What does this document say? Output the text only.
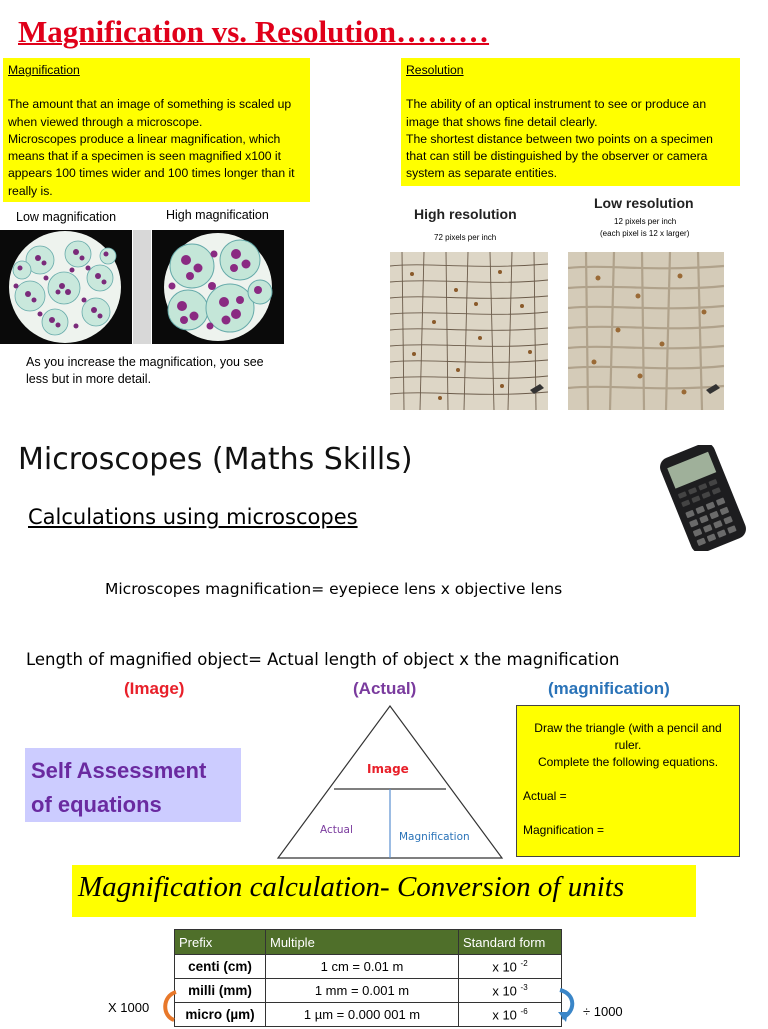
Magnification vs. Resolution………
Magnification
The amount that an image of something is scaled up when viewed through a microscope.
Microscopes produce a linear magnification, which means that if a specimen is seen magnified x100 it appears 100 times wider and 100 times longer than it really is.
Resolution
The ability of an optical instrument to see or produce an image that shows fine detail clearly.
The shortest distance between two points on a specimen that can still be distinguished by the observer or camera system as separate entities.
Low magnification	High magnification
As you increase the magnification, you see less but in more detail.
High resolution
72 pixels per inch
Low resolution
12 pixels per inch
(each pixel is 12 x larger)
Microscopes (Maths Skills)
Calculations using microscopes
Microscopes magnification= eyepiece lens x objective lens
Length of magnified object= Actual length of object x the magnification
(Image)	(Actual)	(magnification)
Self Assessment
of equations
Image
Actual
Magnification
Draw the triangle (with a pencil and ruler.
Complete the following equations.
Actual =
Magnification =
Magnification calculation- Conversion of units
Prefix	Multiple	Standard form
centi (cm)	1 cm = 0.01 m	x 10 $^{-2}$
milli (mm)	1 mm = 0.001 m	x 10 $^{-3}$
micro (µm)	1 µm = 0.000 001 m	x 10 $^{-6}$
X 1000	÷ 1000
